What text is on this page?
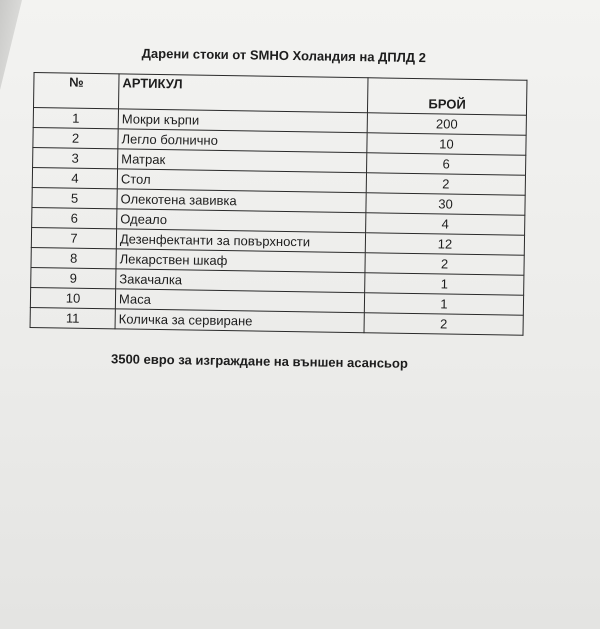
Дарени стоки от SMHO Холандия на ДПЛД 2
№	АРТИКУЛ	БРОЙ
1	Мокри кърпи	200
2	Легло болнично	10
3	Матрак	6
4	Стол	2
5	Олекотена завивка	30
6	Одеало	4
7	Дезенфектанти за повърхности	12
8	Лекарствен шкаф	2
9	Закачалка	1
10	Маса	1
11	Количка за сервиране	2
3500 евро за изграждане на външен асансьор
